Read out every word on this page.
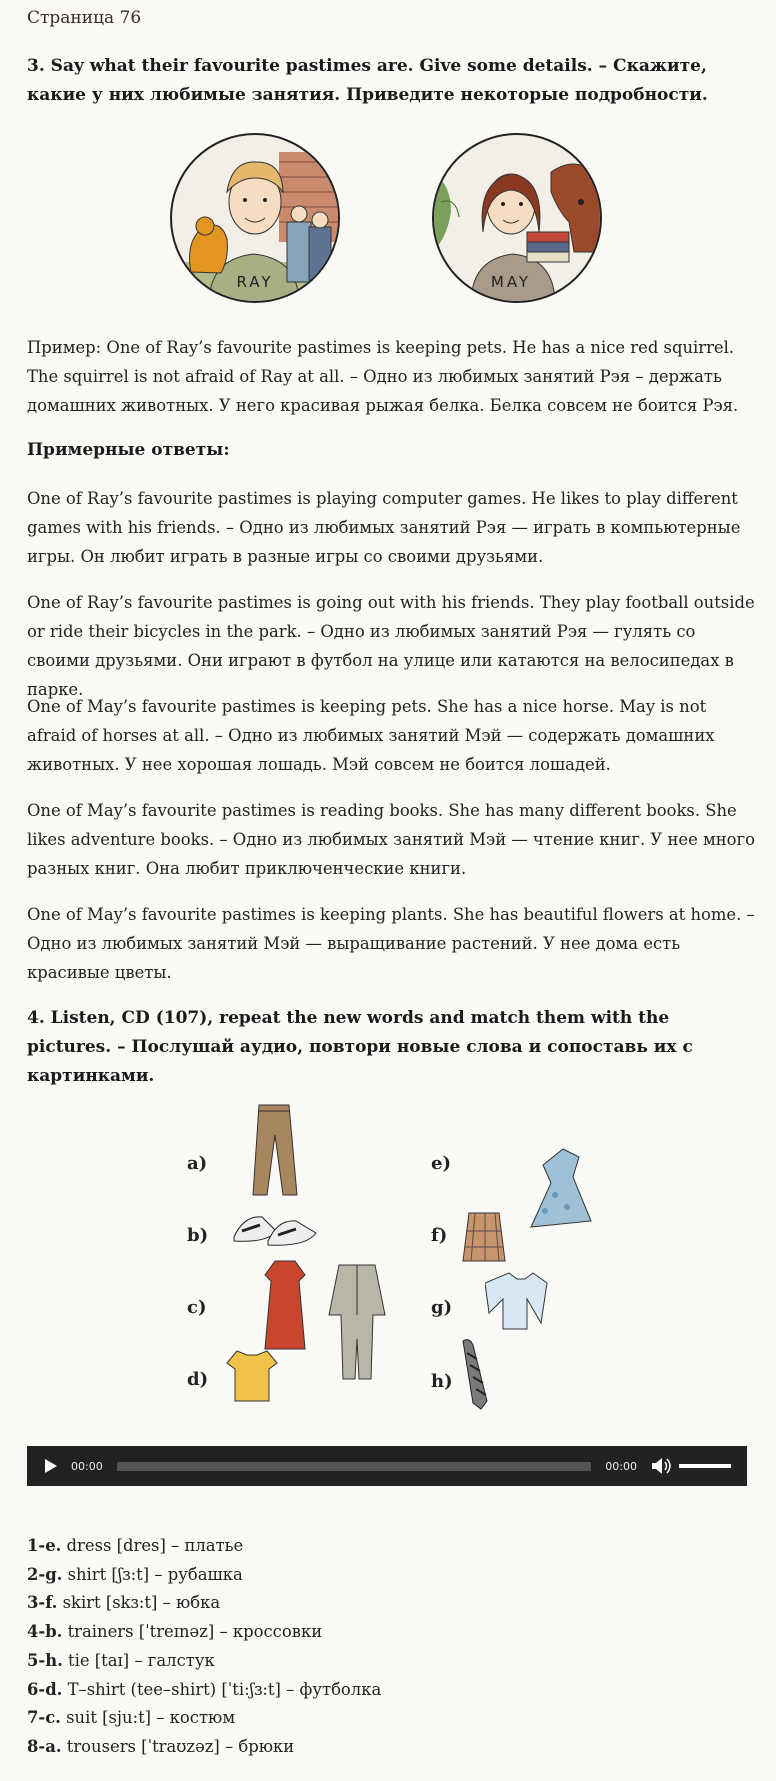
Страница 76
3. Say what their favourite pastimes are. Give some details. – Скажите, какие у них любимые занятия. Приведите некоторые подробности.
RAY	MAY
Пример: One of Ray’s favourite pastimes is keeping pets. He has a nice red squirrel. The squirrel is not afraid of Ray at all. – Одно из любимых занятий Рэя – держать домашних животных. У него красивая рыжая белка. Белка совсем не боится Рэя.
Примерные ответы:
One of Ray’s favourite pastimes is playing computer games. He likes to play different games with his friends. – Одно из любимых занятий Рэя — играть в компьютерные игры. Он любит играть в разные игры со своими друзьями.
One of Ray’s favourite pastimes is going out with his friends. They play football outside or ride their bicycles in the park. – Одно из любимых занятий Рэя — гулять со своими друзьями. Они играют в футбол на улице или катаются на велосипедах в парке.
One of May’s favourite pastimes is keeping pets. She has a nice horse. May is not afraid of horses at all. – Одно из любимых занятий Мэй — содержать домашних животных. У нее хорошая лошадь. Мэй совсем не боится лошадей.
One of May’s favourite pastimes is reading books. She has many different books. She likes adventure books. – Одно из любимых занятий Мэй — чтение книг. У нее много разных книг. Она любит приключенческие книги.
One of May’s favourite pastimes is keeping plants. She has beautiful flowers at home. – Одно из любимых занятий Мэй — выращивание растений. У нее дома есть красивые цветы.
4. Listen, CD (107), repeat the new words and match them with the pictures. – Послушай аудио, повтори новые слова и сопоставь их с картинками.
a)
b)
c)
d)
e)
f)
g)
h)
00:00	00:00
1-e. dress [dres] – платье
2-g. shirt [ʃɜ:t] – рубашка
3-f. skirt [skɜ:t] – юбка
4-b. trainers [ˈtreɪnəz] – кроссовки
5-h. tie [taɪ] – галстук
6-d. T–shirt (tee–shirt) [ˈti:ʃɜ:t] – футболка
7-c. suit [sju:t] – костюм
8-a. trousers [ˈtraʊzəz] – брюки
